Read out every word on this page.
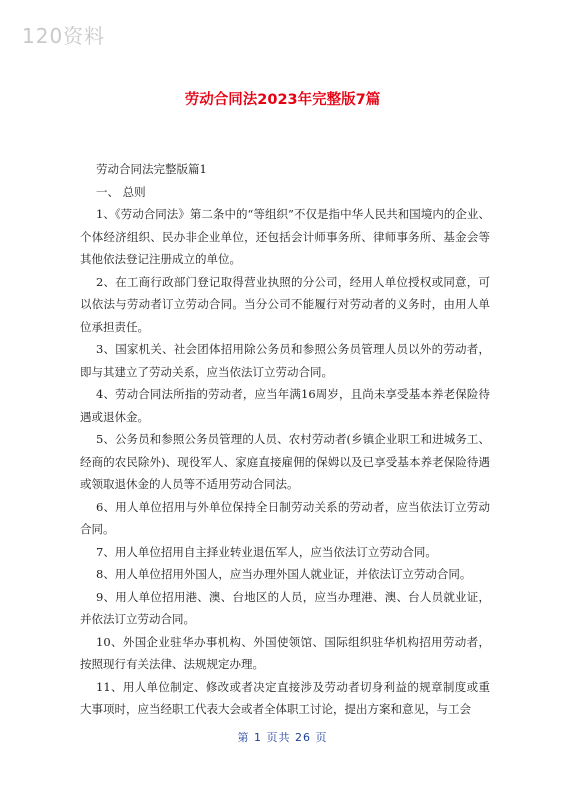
120资料
劳动合同法2023年完整版7篇

劳动合同法完整版篇1

一、 总则

1、《劳动合同法》第二条中的“等组织”不仅是指中华人民共和国境内的企业、个体经济组织、民办非企业单位，还包括会计师事务所、律师事务所、基金会等其他依法登记注册成立的单位。

2、在工商行政部门登记取得营业执照的分公司，经用人单位授权或同意，可以依法与劳动者订立劳动合同。当分公司不能履行对劳动者的义务时，由用人单位承担责任。

3、国家机关、社会团体招用除公务员和参照公务员管理人员以外的劳动者，即与其建立了劳动关系，应当依法订立劳动合同。

4、劳动合同法所指的劳动者，应当年满16周岁，且尚未享受基本养老保险待遇或退休金。

5、公务员和参照公务员管理的人员、农村劳动者(乡镇企业职工和进城务工、经商的农民除外)、现役军人、家庭直接雇佣的保姆以及已享受基本养老保险待遇或领取退休金的人员等不适用劳动合同法。

6、用人单位招用与外单位保持全日制劳动关系的劳动者，应当依法订立劳动合同。

7、用人单位招用自主择业转业退伍军人，应当依法订立劳动合同。

8、用人单位招用外国人，应当办理外国人就业证，并依法订立劳动合同。

9、用人单位招用港、澳、台地区的人员，应当办理港、澳、台人员就业证，并依法订立劳动合同。

10、外国企业驻华办事机构、外国使领馆、国际组织驻华机构招用劳动者，按照现行有关法律、法规规定办理。

11、用人单位制定、修改或者决定直接涉及劳动者切身利益的规章制度或重大事项时，应当经职工代表大会或者全体职工讨论，提出方案和意见，与工会

第 1 页共 26 页
